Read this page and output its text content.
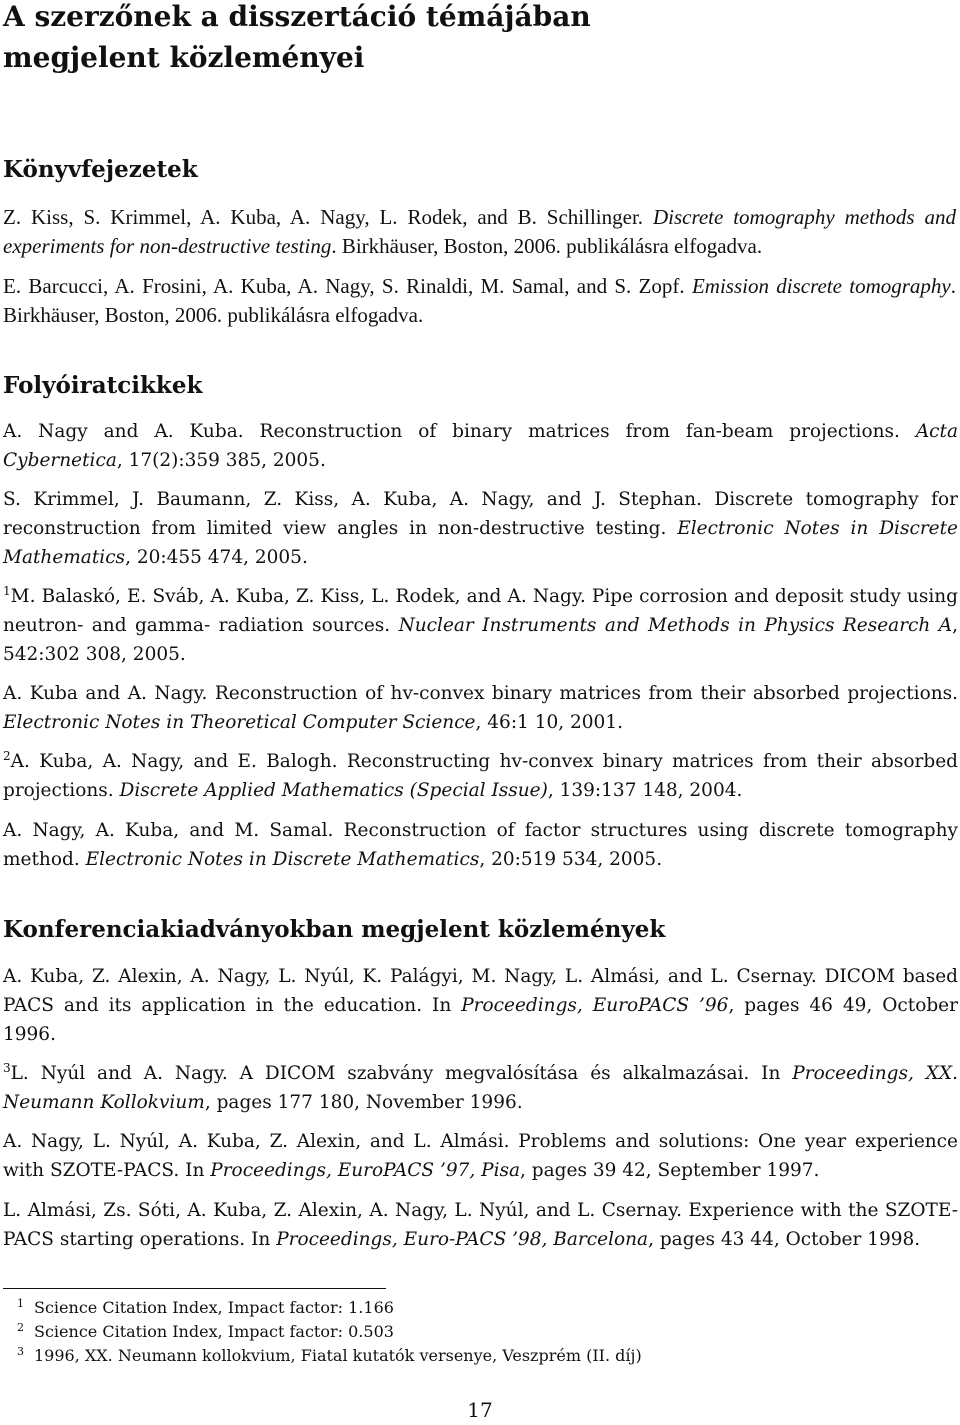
A szerzőnek a disszertáció témájában
megjelent közleményei
Könyvfejezetek

Z. Kiss, S. Krimmel, A. Kuba, A. Nagy, L. Rodek, and B. Schillinger. Discrete tomography methods and experiments for non-destructive testing. Birkhäuser, Boston, 2006. publikálásra elfogadva.

E. Barcucci, A. Frosini, A. Kuba, A. Nagy, S. Rinaldi, M. Samal, and S. Zopf. Emission discrete tomography. Birkhäuser, Boston, 2006. publikálásra elfogadva.

Folyóiratcikkek

A. Nagy and A. Kuba. Reconstruction of binary matrices from fan-beam projections. Acta Cybernetica, 17(2):359 385, 2005.

S. Krimmel, J. Baumann, Z. Kiss, A. Kuba, A. Nagy, and J. Stephan. Discrete tomography for reconstruction from limited view angles in non-destructive testing. Electronic Notes in Discrete Mathematics, 20:455 474, 2005.

$^1$M. Balaskó, E. Sváb, A. Kuba, Z. Kiss, L. Rodek, and A. Nagy. Pipe corrosion and deposit study using neutron- and gamma- radiation sources. Nuclear Instruments and Methods in Physics Research A, 542:302 308, 2005.

A. Kuba and A. Nagy. Reconstruction of hv-convex binary matrices from their absorbed projections. Electronic Notes in Theoretical Computer Science, 46:1 10, 2001.

$^2$A. Kuba, A. Nagy, and E. Balogh. Reconstructing hv-convex binary matrices from their absorbed projections. Discrete Applied Mathematics (Special Issue), 139:137 148, 2004.

A. Nagy, A. Kuba, and M. Samal. Reconstruction of factor structures using discrete tomography method. Electronic Notes in Discrete Mathematics, 20:519 534, 2005.

Konferenciakiadványokban megjelent közlemények

A. Kuba, Z. Alexin, A. Nagy, L. Nyúl, K. Palágyi, M. Nagy, L. Almási, and L. Csernay. DICOM based PACS and its application in the education. In Proceedings, EuroPACS ’96, pages 46 49, October 1996.

$^3$L. Nyúl and A. Nagy. A DICOM szabvány megvalósítása és alkalmazásai. In Proceedings, XX. Neumann Kollokvium, pages 177 180, November 1996.

A. Nagy, L. Nyúl, A. Kuba, Z. Alexin, and L. Almási. Problems and solutions: One year experience with SZOTE-PACS. In Proceedings, EuroPACS ’97, Pisa, pages 39 42, September 1997.

L. Almási, Zs. Sóti, A. Kuba, Z. Alexin, A. Nagy, L. Nyúl, and L. Csernay. Experience with the SZOTE-PACS starting operations. In Proceedings, Euro-PACS ’98, Barcelona, pages 43 44, October 1998.

$^1$ Science Citation Index, Impact factor: 1.166
$^2$ Science Citation Index, Impact factor: 0.503
$^3$ 1996, XX. Neumann kollokvium, Fiatal kutatók versenye, Veszprém (II. díj)
17
